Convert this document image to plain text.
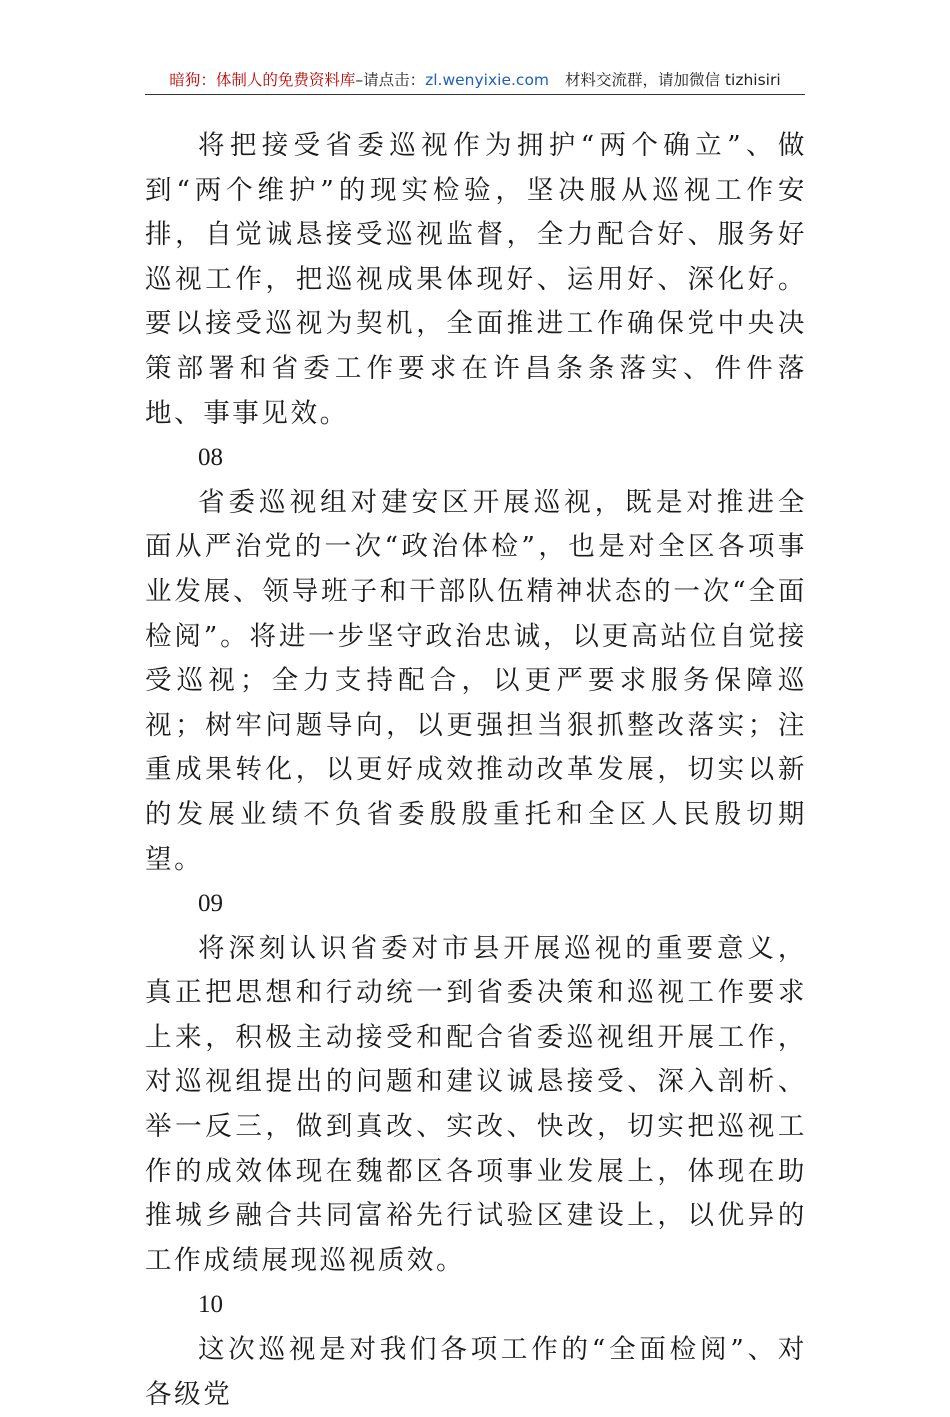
暗狗：体制人的免费资料库–请点击：zl.wenyixie.com 材料交流群，请加微信 tizhisiri

将把接受省委巡视作为拥护“两个确立”、做到“两个维护”的现实检验，坚决服从巡视工作安排，自觉诚恳接受巡视监督，全力配合好、服务好巡视工作，把巡视成果体现好、运用好、深化好。要以接受巡视为契机，全面推进工作确保党中央决策部署和省委工作要求在许昌条条落实、件件落地、事事见效。

08

省委巡视组对建安区开展巡视，既是对推进全面从严治党的一次“政治体检”，也是对全区各项事业发展、领导班子和干部队伍精神状态的一次“全面检阅”。将进一步坚守政治忠诚，以更高站位自觉接受巡视；全力支持配合，以更严要求服务保障巡视；树牢问题导向，以更强担当狠抓整改落实；注重成果转化，以更好成效推动改革发展，切实以新的发展业绩不负省委殷殷重托和全区人民殷切期望。

09

将深刻认识省委对市县开展巡视的重要意义，真正把思想和行动统一到省委决策和巡视工作要求上来，积极主动接受和配合省委巡视组开展工作，对巡视组提出的问题和建议诚恳接受、深入剖析、举一反三，做到真改、实改、快改，切实把巡视工作的成效体现在魏都区各项事业发展上，体现在助推城乡融合共同富裕先行试验区建设上，以优异的工作成绩展现巡视质效。

10

这次巡视是对我们各项工作的“全面检阅”、对各级党
